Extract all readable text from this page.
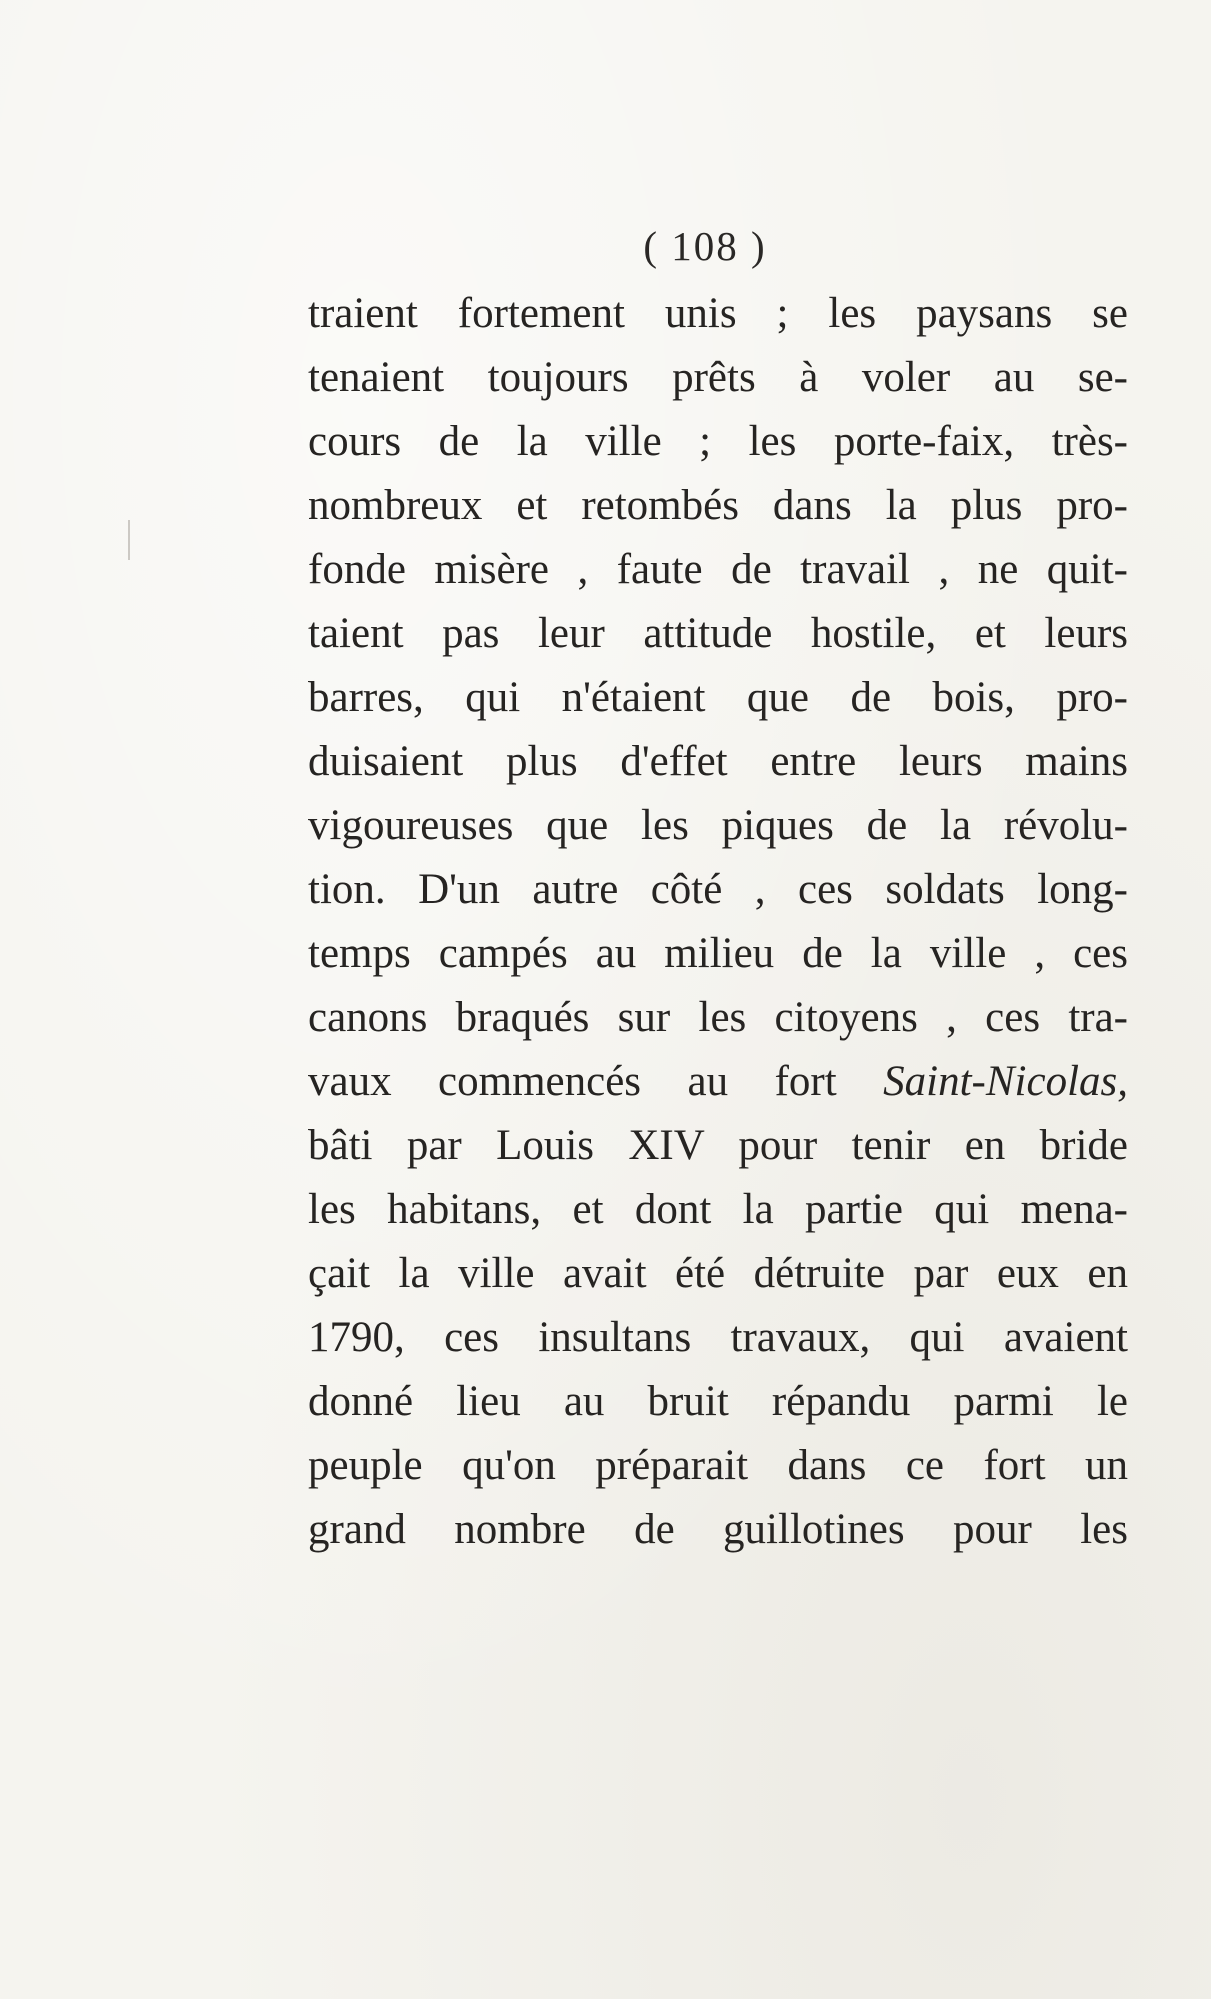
( 108 )
traient fortement unis ; les paysans se
tenaient toujours prêts à voler au se-
cours de la ville ; les porte-faix, très-
nombreux et retombés dans la plus pro-
fonde misère , faute de travail , ne quit-
taient pas leur attitude hostile, et leurs
barres, qui n'étaient que de bois, pro-
duisaient plus d'effet entre leurs mains
vigoureuses que les piques de la révolu-
tion. D'un autre côté , ces soldats long-
temps campés au milieu de la ville , ces
canons braqués sur les citoyens , ces tra-
vaux commencés au fort Saint-Nicolas,
bâti par Louis XIV pour tenir en bride
les habitans, et dont la partie qui mena-
çait la ville avait été détruite par eux en
1790, ces insultans travaux, qui avaient
donné lieu au bruit répandu parmi le
peuple qu'on préparait dans ce fort un
grand nombre de guillotines pour les
